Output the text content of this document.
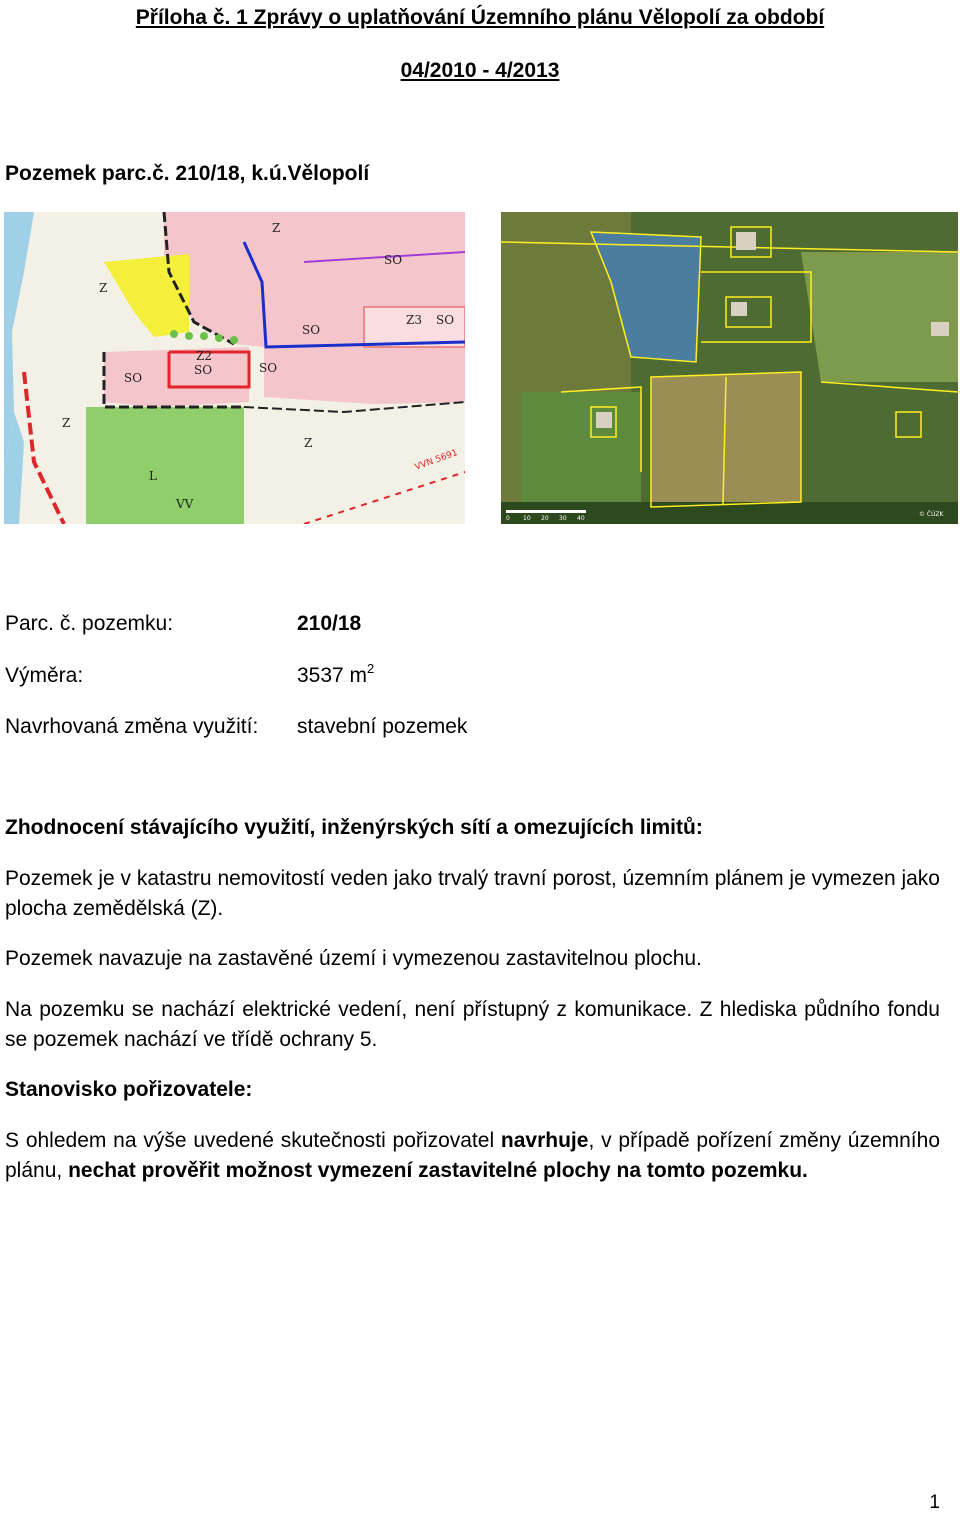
Příloha č. 1 Zprávy o uplatňování Územního plánu Vělopolí za období
04/2010 - 4/2013
Pozemek parc.č. 210/18, k.ú.Vělopolí
Z
Z
SO
SO
SO
Z3
SO
Z2
SO
SO
Z
Z
L
VV
VVN 5691
0 10 20 30 40
© ČÚZK
Parc. č. pozemku:	210/18
Výměra:	3537 $m^2$
Navrhovaná změna využití: stavební pozemek
Zhodnocení stávajícího využití, inženýrských sítí a omezujících limitů:
Pozemek je v katastru nemovitostí veden jako trvalý travní porost, územním plánem je vymezen jako plocha zemědělská (Z).
Pozemek navazuje na zastavěné území i vymezenou zastavitelnou plochu.
Na pozemku se nachází elektrické vedení, není přístupný z komunikace. Z hlediska půdního fondu se pozemek nachází ve třídě ochrany 5.
Stanovisko pořizovatele:
S ohledem na výše uvedené skutečnosti pořizovatel navrhuje, v případě pořízení změny územního plánu, nechat prověřit možnost vymezení zastavitelné plochy na tomto pozemku.
1
